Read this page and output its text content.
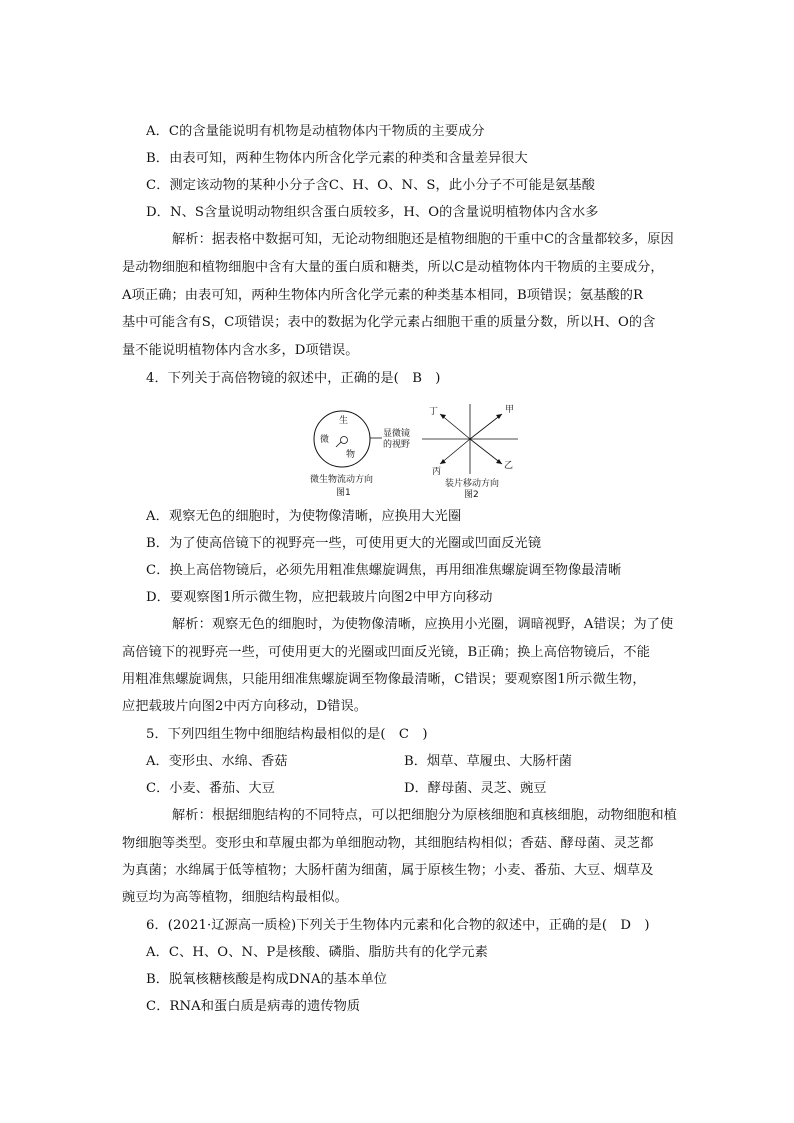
A．C的含量能说明有机物是动植物体内干物质的主要成分
B．由表可知，两种生物体内所含化学元素的种类和含量差异很大
C．测定该动物的某种小分子含C、H、O、N、S，此小分子不可能是氨基酸
D．N、S含量说明动物组织含蛋白质较多，H、O的含量说明植物体内含水多
解析：据表格中数据可知，无论动物细胞还是植物细胞的干重中C的含量都较多，原因
是动物细胞和植物细胞中含有大量的蛋白质和糖类，所以C是动植物体内干物质的主要成分，
A项正确；由表可知，两种生物体内所含化学元素的种类基本相同，B项错误；氨基酸的R
基中可能含有S，C项错误；表中的数据为化学元素占细胞干重的质量分数，所以H、O的含
量不能说明植物体内含水多，D项错误。
4．下列关于高倍物镜的叙述中，正确的是(　B　)
生
微
物
显微镜
的视野
微生物流动方向
图1
丁	甲
丙
乙
装片移动方向
图2
A．观察无色的细胞时，为使物像清晰，应换用大光圈
B．为了使高倍镜下的视野亮一些，可使用更大的光圈或凹面反光镜
C．换上高倍物镜后，必须先用粗准焦螺旋调焦，再用细准焦螺旋调至物像最清晰
D．要观察图1所示微生物，应把载玻片向图2中甲方向移动
解析：观察无色的细胞时，为使物像清晰，应换用小光圈，调暗视野，A错误；为了使
高倍镜下的视野亮一些，可使用更大的光圈或凹面反光镜，B正确；换上高倍物镜后，不能
用粗准焦螺旋调焦，只能用细准焦螺旋调至物像最清晰，C错误；要观察图1所示微生物，
应把载玻片向图2中丙方向移动，D错误。
5．下列四组生物中细胞结构最相似的是(　C　)
A．变形虫、水绵、香菇	B．烟草、草履虫、大肠杆菌
C．小麦、番茄、大豆	D．酵母菌、灵芝、豌豆
解析：根据细胞结构的不同特点，可以把细胞分为原核细胞和真核细胞，动物细胞和植
物细胞等类型。变形虫和草履虫都为单细胞动物，其细胞结构相似；香菇、酵母菌、灵芝都
为真菌；水绵属于低等植物；大肠杆菌为细菌，属于原核生物；小麦、番茄、大豆、烟草及
豌豆均为高等植物，细胞结构最相似。
6．(2021·辽源高一质检)下列关于生物体内元素和化合物的叙述中，正确的是(　D　)
A．C、H、O、N、P是核酸、磷脂、脂肪共有的化学元素
B．脱氧核糖核酸是构成DNA的基本单位
C．RNA和蛋白质是病毒的遗传物质
